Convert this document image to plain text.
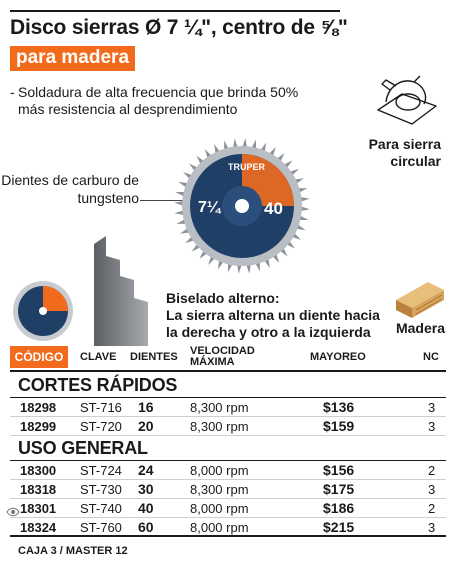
Disco sierras Ø 7 ¼", centro de ⅝"
para madera
- Soldadura de alta frecuencia que brinda 50% más resistencia al desprendimiento
Para sierra circular
Dientes de carburo de tungsteno
TRUPER
7¼	40
Biselado alterno:
La sierra alterna un diente hacia la derecha y otro a la izquierda	Madera
CÓDIGO	CLAVE DIENTES VELOCIDAD
MÁXIMA	MAYOREO	NC
CORTES RÁPIDOS
18298 ST-716 16	8,300 rpm	$136	3
18299 ST-720 20	8,300 rpm	$159	3
USO GENERAL
18300 ST-724 24	8,000 rpm	$156	2
18318 ST-730 30	8,300 rpm	$175	3
18301 ST-740 40	8,000 rpm	$186	2
18324 ST-760 60	8,000 rpm	$215	3
CAJA 3 / MASTER 12
